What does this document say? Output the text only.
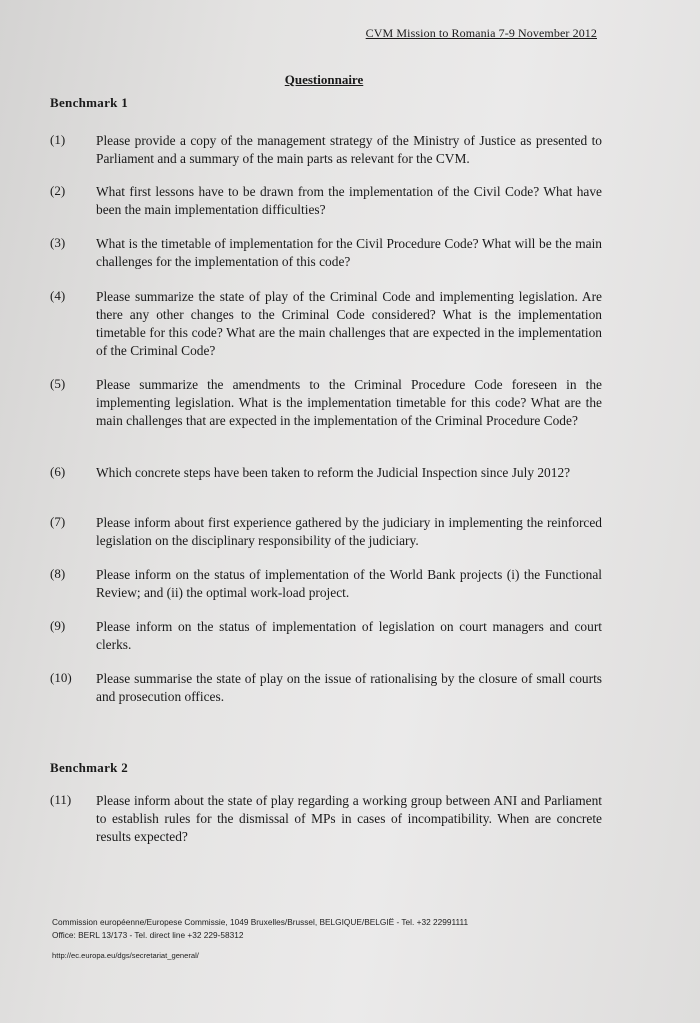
CVM Mission to Romania 7-9 November 2012
Questionnaire
Benchmark 1
(1) Please provide a copy of the management strategy of the Ministry of Justice as presented to Parliament and a summary of the main parts as relevant for the CVM.
(2) What first lessons have to be drawn from the implementation of the Civil Code? What have been the main implementation difficulties?
(3) What is the timetable of implementation for the Civil Procedure Code? What will be the main challenges for the implementation of this code?
(4) Please summarize the state of play of the Criminal Code and implementing legislation. Are there any other changes to the Criminal Code considered? What is the implementation timetable for this code? What are the main challenges that are expected in the implementation of the Criminal Code?
(5) Please summarize the amendments to the Criminal Procedure Code foreseen in the implementing legislation. What is the implementation timetable for this code? What are the main challenges that are expected in the implementation of the Criminal Procedure Code?
(6) Which concrete steps have been taken to reform the Judicial Inspection since July 2012?
(7) Please inform about first experience gathered by the judiciary in implementing the reinforced legislation on the disciplinary responsibility of the judiciary.
(8) Please inform on the status of implementation of the World Bank projects (i) the Functional Review; and (ii) the optimal work-load project.
(9) Please inform on the status of implementation of legislation on court managers and court clerks.
(10) Please summarise the state of play on the issue of rationalising by the closure of small courts and prosecution offices.
Benchmark 2
(11) Please inform about the state of play regarding a working group between ANI and Parliament to establish rules for the dismissal of MPs in cases of incompatibility. When are concrete results expected?
Commission européenne/Europese Commissie, 1049 Bruxelles/Brussel, BELGIQUE/BELGIË - Tel. +32 22991111
Office: BERL 13/173 - Tel. direct line +32 229-58312
http://ec.europa.eu/dgs/secretariat_general/
